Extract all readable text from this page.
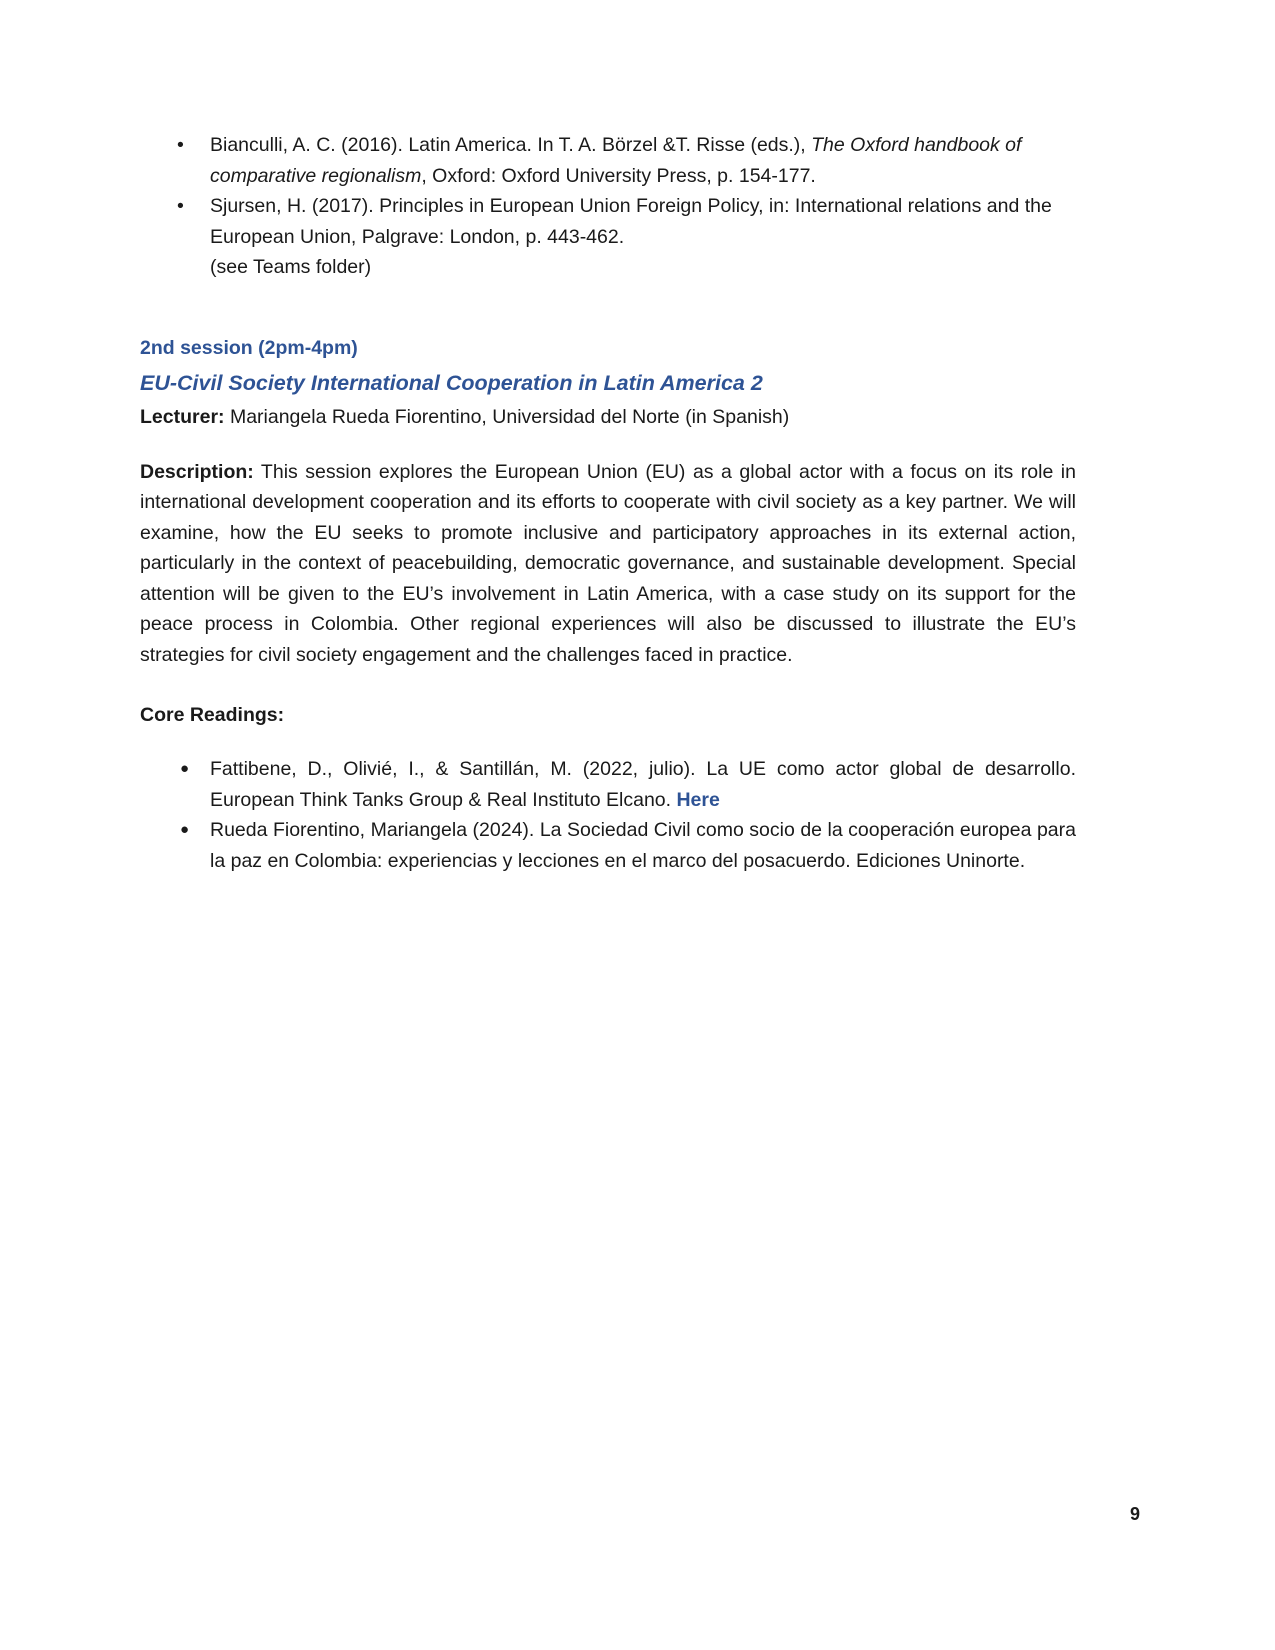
• Bianculli, A. C. (2016). Latin America. In T. A. Börzel &T. Risse (eds.), The Oxford handbook of comparative regionalism, Oxford: Oxford University Press, p. 154-177.
• Sjursen, H. (2017). Principles in European Union Foreign Policy, in: International relations and the European Union, Palgrave: London, p. 443-462.
(see Teams folder)
2nd session (2pm-4pm)
EU-Civil Society International Cooperation in Latin America 2
Lecturer: Mariangela Rueda Fiorentino, Universidad del Norte (in Spanish)
Description: This session explores the European Union (EU) as a global actor with a focus on its role in international development cooperation and its efforts to cooperate with civil society as a key partner. We will examine, how the EU seeks to promote inclusive and participatory approaches in its external action, particularly in the context of peacebuilding, democratic governance, and sustainable development. Special attention will be given to the EU’s involvement in Latin America, with a case study on its support for the peace process in Colombia. Other regional experiences will also be discussed to illustrate the EU’s strategies for civil society engagement and the challenges faced in practice.
Core Readings:
● Fattibene, D., Olivié, I., & Santillán, M. (2022, julio). La UE como actor global de desarrollo. European Think Tanks Group & Real Instituto Elcano. Here
● Rueda Fiorentino, Mariangela (2024). La Sociedad Civil como socio de la cooperación europea para la paz en Colombia: experiencias y lecciones en el marco del posacuerdo. Ediciones Uninorte.
9
